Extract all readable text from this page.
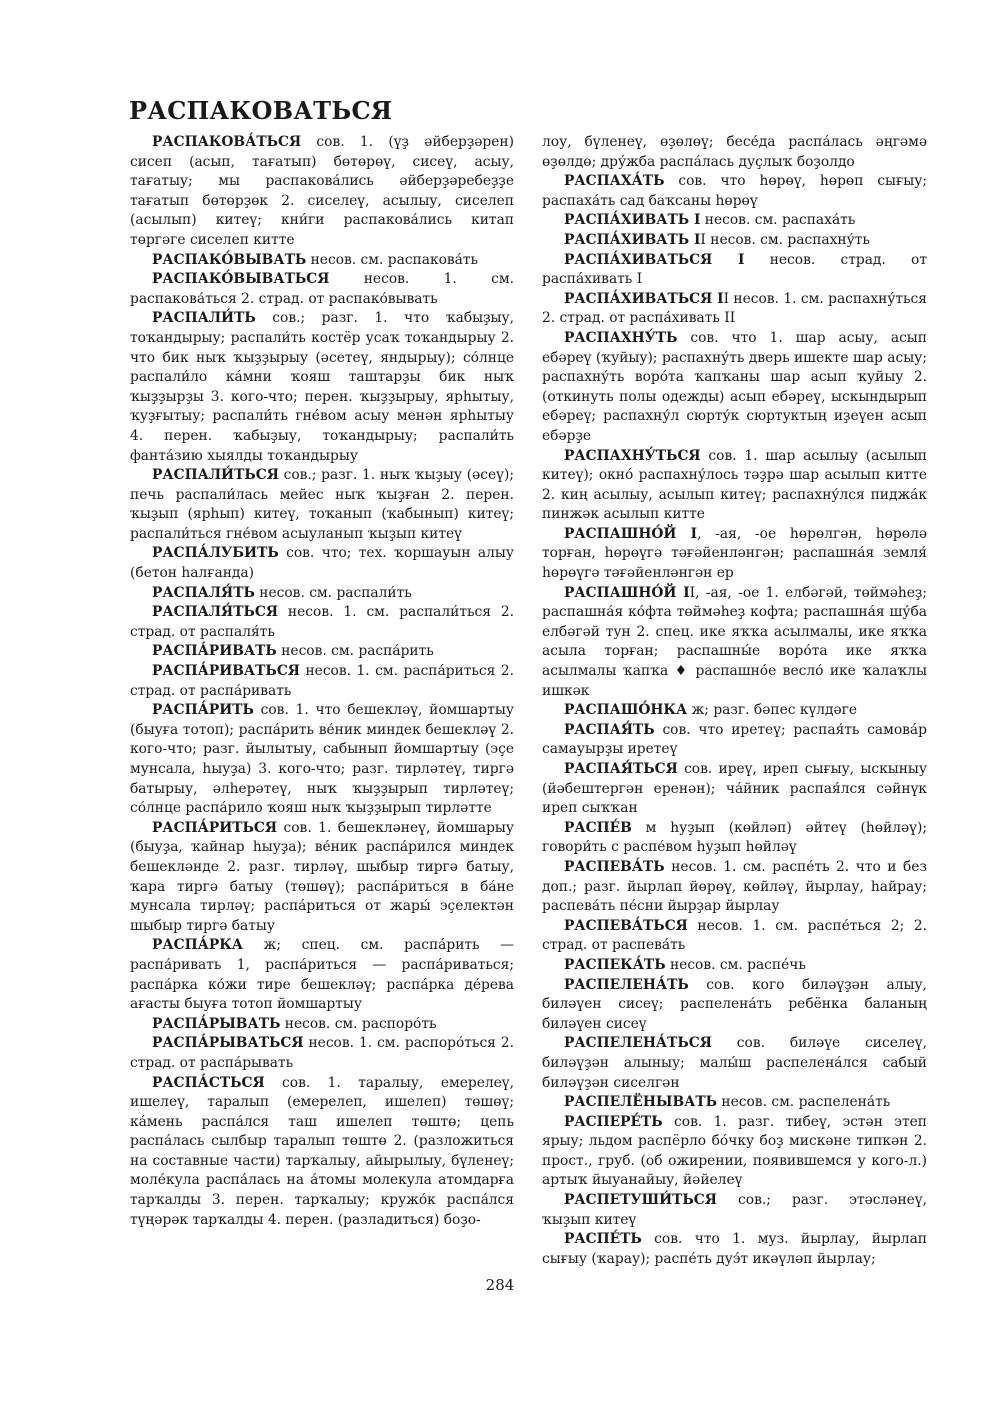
РАСПАКОВАТЬСЯ

РАСПАКОВА́ТЬСЯ сов. 1. (үҙ әйберҙәрен) сисеп (асып, тағатып) бөтөрөү, сисеү, асыу, тағатыу; мы распакова́лись әйберҙәребеҙҙе тағатып бөтөрҙөк 2. сиселеү, асылыу, сиселеп (асылып) китеү; кни́ги распакова́лись китап төргәге сиселеп китте

РАСПАКО́ВЫВАТЬ несов. см. распакова́ть

РАСПАКО́ВЫВАТЬСЯ несов. 1. см. распакова́ться 2. страд. от распако́вывать

РАСПАЛИ́ТЬ сов.; разг. 1. что ҡабыҙыу, тоҡандырыу; распали́ть костёр усаҡ тоҡандырыу 2. что бик ныҡ ҡыҙҙырыу (әсетеү, яндырыу); со́лнце распали́ло ка́мни ҡояш таштарҙы бик ныҡ ҡыҙҙырҙы 3. кого-что; перен. ҡыҙҙырыу, ярһытыу, ҡуҙғытыу; распали́ть гне́вом асыу менән ярһытыу 4. перен. ҡабыҙыу, тоҡандырыу; распали́ть фанта́зию хыялды тоҡандырыу

РАСПАЛИ́ТЬСЯ сов.; разг. 1. ныҡ ҡыҙыу (әсеү); печь распали́лась мейес ныҡ ҡыҙған 2. перен. ҡыҙып (ярһып) китеү, тоҡанып (ҡабынып) китеү; распали́ться гне́вом асыуланып ҡыҙып китеү

РАСПА́ЛУБИТЬ сов. что; тех. ҡоршауын алыу (бетон һалғанда)

РАСПАЛЯ́ТЬ несов. см. распали́ть

РАСПАЛЯ́ТЬСЯ несов. 1. см. распали́ться 2. страд. от распаля́ть

РАСПА́РИВАТЬ несов. см. распа́рить

РАСПА́РИВАТЬСЯ несов. 1. см. распа́риться 2. страд. от распа́ривать

РАСПА́РИТЬ сов. 1. что бешекләү, йомшартыу (быуға тотоп); распа́рить ве́ник миндек бешекләү 2. кого-что; разг. йылытыу, сабынып йомшартыу (эҫе мунсала, һыуҙа) 3. кого-что; разг. тирләтеү, тиргә батырыу, әлһерәтеү, ныҡ ҡыҙҙырып тирләтеү; со́лнце распа́рило ҡояш ныҡ ҡыҙҙырып тирләтте

РАСПА́РИТЬСЯ сов. 1. бешекләнеү, йомшарыу (быуҙа, ҡайнар һыуҙа); ве́ник распа́рился миндек бешекләнде 2. разг. тирләү, шыбыр тиргә батыу, ҡара тиргә батыу (төшөү); распа́риться в ба́не мунсала тирләү; распа́риться от жары́ эҫелектән шыбыр тиргә батыу

РАСПА́РКА ж; спец. см. распа́рить — распа́ривать 1, распа́риться — распа́риваться; распа́рка ко́жи тире бешекләү; распа́рка де́рева ағасты быуға тотоп йомшартыу

РАСПА́РЫВАТЬ несов. см. распоро́ть

РАСПА́РЫВАТЬСЯ несов. 1. см. распоро́ться 2. страд. от распа́рывать

РАСПА́СТЬСЯ сов. 1. таралыу, емерелеү, ишелеү, таралып (емерелеп, ишелеп) төшөү; ка́мень распа́лся таш ишелеп төштө; цепь распа́лась сылбыр таралып төштө 2. (разложиться на составные части) тарҡалыу, айырылыу, бүленеү; моле́кула распа́лась на а́томы молекула атомдарға тарҡалды 3. перен. тарҡалыу; кружо́к распа́лся түңәрәк тарҡалды 4. перен. (разладиться) боҙо-

лоу, бүленеү, өҙөлөү; бесе́да распа́лась әңгәмә өҙөлдө; дру́жба распа́лась дуҫлыҡ боҙолдо

РАСПАХА́ТЬ сов. что һөрөү, һөрөп сығыу; распаха́ть сад баҡсаны һөрөү

РАСПА́ХИВАТЬ I несов. см. распаха́ть

РАСПА́ХИВАТЬ II несов. см. распахну́ть

РАСПА́ХИВАТЬСЯ I несов. страд. от распа́хивать I

РАСПА́ХИВАТЬСЯ II несов. 1. см. распахну́ться 2. страд. от распа́хивать II

РАСПАХНУ́ТЬ сов. что 1. шар асыу, асып ебәреү (ҡуйыу); распахну́ть дверь ишекте шар асыу; распахну́ть воро́та ҡапҡаны шар асып ҡуйыу 2. (откинуть полы одежды) асып ебәреү, ыскындырып ебәреү; распахну́л сюрту́к сюртуктың иҙеүен асып ебәрҙе

РАСПАХНУ́ТЬСЯ сов. 1. шар асылыу (асылып китеү); окно́ распахну́лось тәҙрә шар асылып китте 2. киң асылыу, асылып китеү; распахну́лся пиджа́к пинжәк асылып китте

РАСПАШНО́Й I, -ая, -ое һөрөлгән, һөрөлә торған, һөрөүгә тәғәйенләнгән; распашна́я земля́ һөрөүгә тәғәйенләнгән ер

РАСПАШНО́Й II, -ая, -ое 1. елбәгәй, төймәһеҙ; распашна́я ко́фта төймәһеҙ кофта; распашна́я шу́ба елбәгәй тун 2. спец. ике яҡҡа асылмалы, ике яҡҡа асыла торған; распашны́е воро́та ике яҡҡа асылмалы ҡапҡа ♦ распашно́е весло́ ике ҡалаҡлы ишкәк

РАСПАШО́НКА ж; разг. бәпес күлдәге

РАСПАЯ́ТЬ сов. что иретеү; распая́ть самова́р самауырҙы иретеү

РАСПАЯ́ТЬСЯ сов. иреү, иреп сығыу, ыскыныу (йәбештергән еренән); ча́йник распая́лся сәйнүк иреп сыҡҡан

РАСПЕ́В м һуҙып (көйләп) әйтеү (һөйләү); говори́ть с распе́вом һуҙып һөйләү

РАСПЕВА́ТЬ несов. 1. см. распе́ть 2. что и без доп.; разг. йырлап йөрөү, көйләү, йырлау, һайрау; распева́ть пе́сни йырҙар йырлау

РАСПЕВА́ТЬСЯ несов. 1. см. распе́ться 2; 2. страд. от распева́ть

РАСПЕКА́ТЬ несов. см. распе́чь

РАСПЕЛЕНА́ТЬ сов. кого биләүҙән алыу, биләүен сисеү; распелена́ть ребёнка баланың биләүен сисеү

РАСПЕЛЕНА́ТЬСЯ сов. биләүе сиселеү, биләүҙән алыныу; малы́ш распелена́лся сабый биләүҙән сиселгән

РАСПЕЛЁНЫВАТЬ несов. см. распелена́ть

РАСПЕРЕ́ТЬ сов. 1. разг. тибеү, эстән этеп ярыу; льдом распёрло бо́чку боҙ мискәне типкән 2. прост., груб. (об ожирении, появившемся у кого-л.) артыҡ йыуанайыу, йәйелеү

РАСПЕТУШИ́ТЬСЯ сов.; разг. этәсләнеү, ҡыҙып китеү

РАСПЕ́ТЬ сов. что 1. муз. йырлау, йырлап сығыу (ҡарау); распе́ть дуэ́т икәүләп йырлау;

284
